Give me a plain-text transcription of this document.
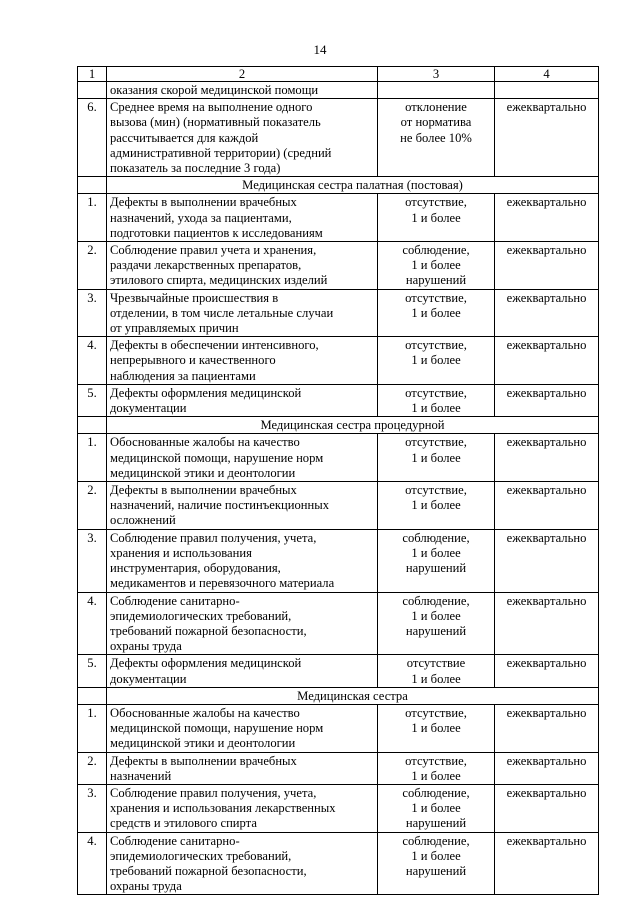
14
1	2	3	4
	оказания скорой медицинской помощи		
6.	Среднее время на выполнение одного
вызова (мин) (нормативный показатель
рассчитывается для каждой
административной территории) (средний
показатель за последние 3 года)	отклонение
от норматива
не более 10%	ежеквартально
	Медицинская сестра палатная (постовая)		
1.	Дефекты в выполнении врачебных
назначений, ухода за пациентами,
подготовки пациентов к исследованиям	отсутствие,
1 и более	ежеквартально
2.	Соблюдение правил учета и хранения,
раздачи лекарственных препаратов,
этилового спирта, медицинских изделий	соблюдение,
1 и более
нарушений	ежеквартально
3.	Чрезвычайные происшествия в
отделении, в том числе летальные случаи
от управляемых причин	отсутствие,
1 и более	ежеквартально
4.	Дефекты в обеспечении интенсивного,
непрерывного и качественного
наблюдения за пациентами	отсутствие,
1 и более	ежеквартально
5.	Дефекты оформления медицинской
документации	отсутствие,
1 и более	ежеквартально
	Медицинская сестра процедурной		
1.	Обоснованные жалобы на качество
медицинской помощи, нарушение норм
медицинской этики и деонтологии	отсутствие,
1 и более	ежеквартально
2.	Дефекты в выполнении врачебных
назначений, наличие постинъекционных
осложнений	отсутствие,
1 и более	ежеквартально
3.	Соблюдение правил получения, учета,
хранения и использования
инструментария, оборудования,
медикаментов и перевязочного материала	соблюдение,
1 и более
нарушений	ежеквартально
4.	Соблюдение санитарно-
эпидемиологических требований,
требований пожарной безопасности,
охраны труда	соблюдение,
1 и более
нарушений	ежеквартально
5.	Дефекты оформления медицинской
документации	отсутствие
1 и более	ежеквартально
	Медицинская сестра		
1.	Обоснованные жалобы на качество
медицинской помощи, нарушение норм
медицинской этики и деонтологии	отсутствие,
1 и более	ежеквартально
2.	Дефекты в выполнении врачебных
назначений	отсутствие,
1 и более	ежеквартально
3.	Соблюдение правил получения, учета,
хранения и использования лекарственных
средств и этилового спирта	соблюдение,
1 и более
нарушений	ежеквартально
4.	Соблюдение санитарно-
эпидемиологических требований,
требований пожарной безопасности,
охраны труда	соблюдение,
1 и более
нарушений	ежеквартально
